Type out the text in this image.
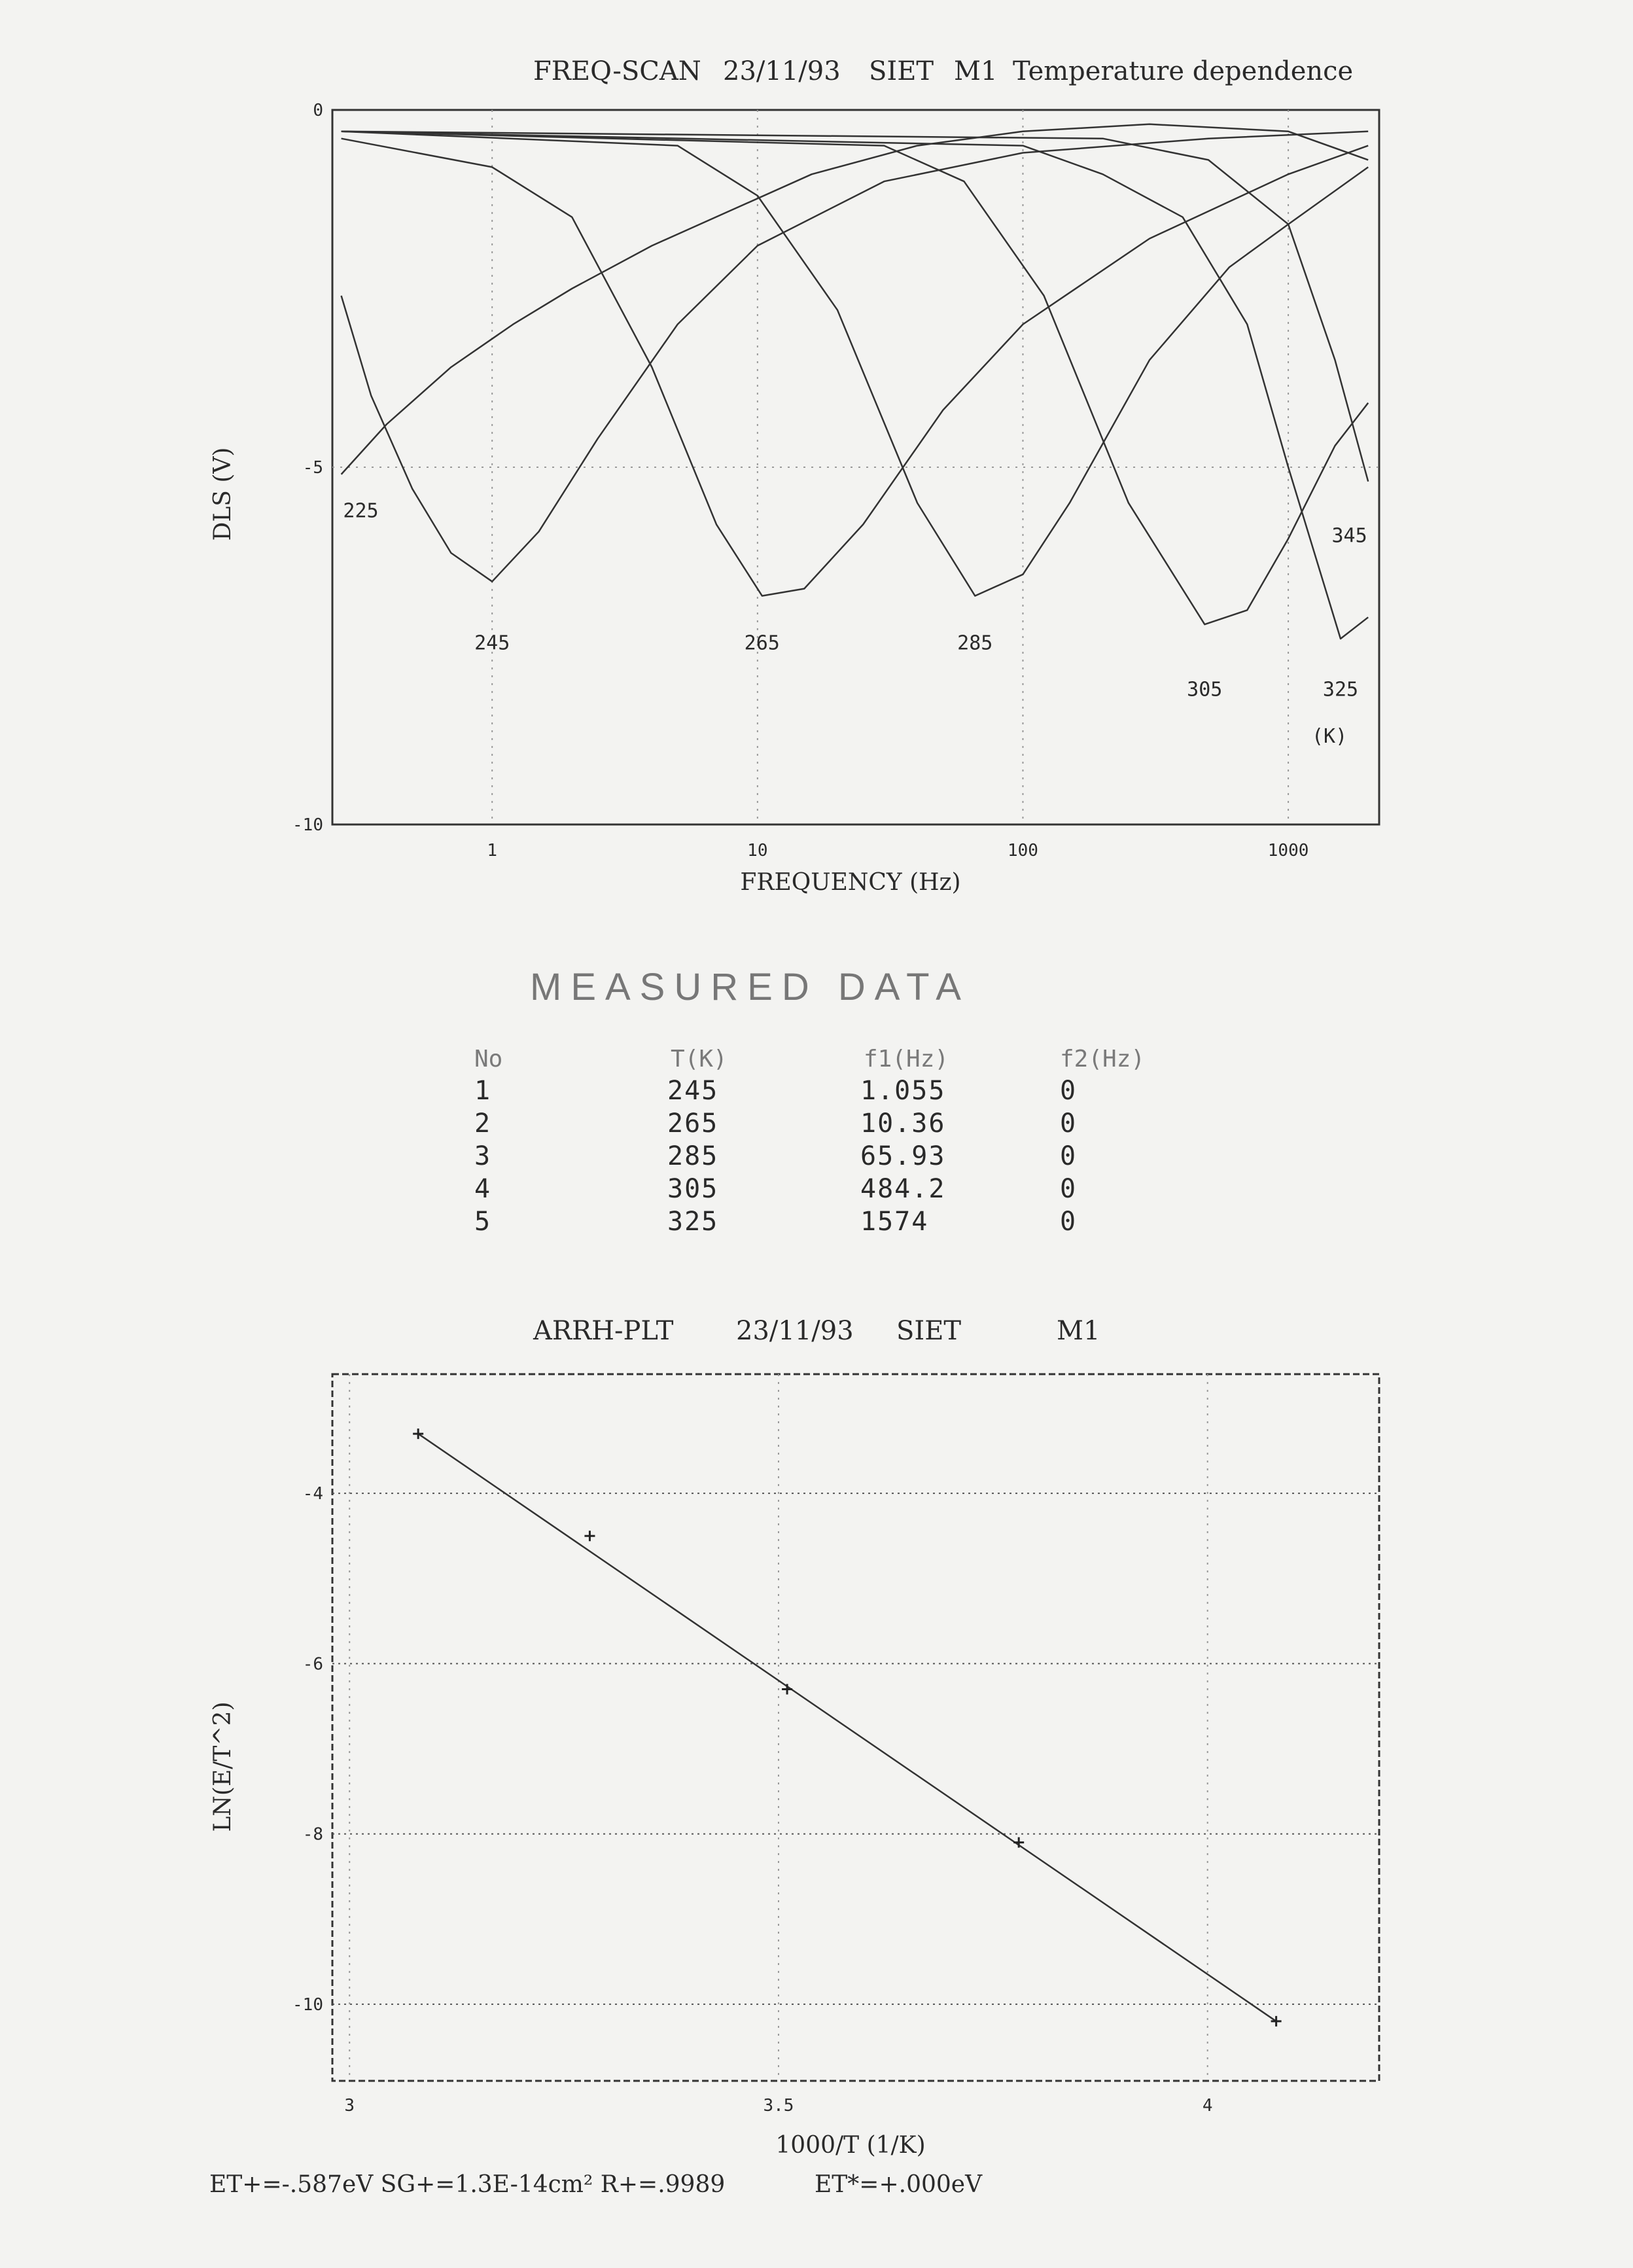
FREQ-SCAN 23/11/93 SIET M1 Temperature dependence
1	10	100	1000
0
-5
-10
225
245	265	285
305	325
345
DLS (V)
FREQUENCY (Hz)
(K)
MEASURED DATA
No	T(K)	f1(Hz)	f2(Hz)
1	245	1.055	0
2	265	10.36	0
3	285	65.93	0
4	305	484.2	0
5	325	1574	0
ARRH-PLT 23/11/93 SIET	M1
3	3.5	4
-4
-6
-8
-10
LN(E/T^2)
1000/T (1/K)
ET+=-.587eV SG+=1.3E-14cm² R+=.9989	ET*=+.000eV
